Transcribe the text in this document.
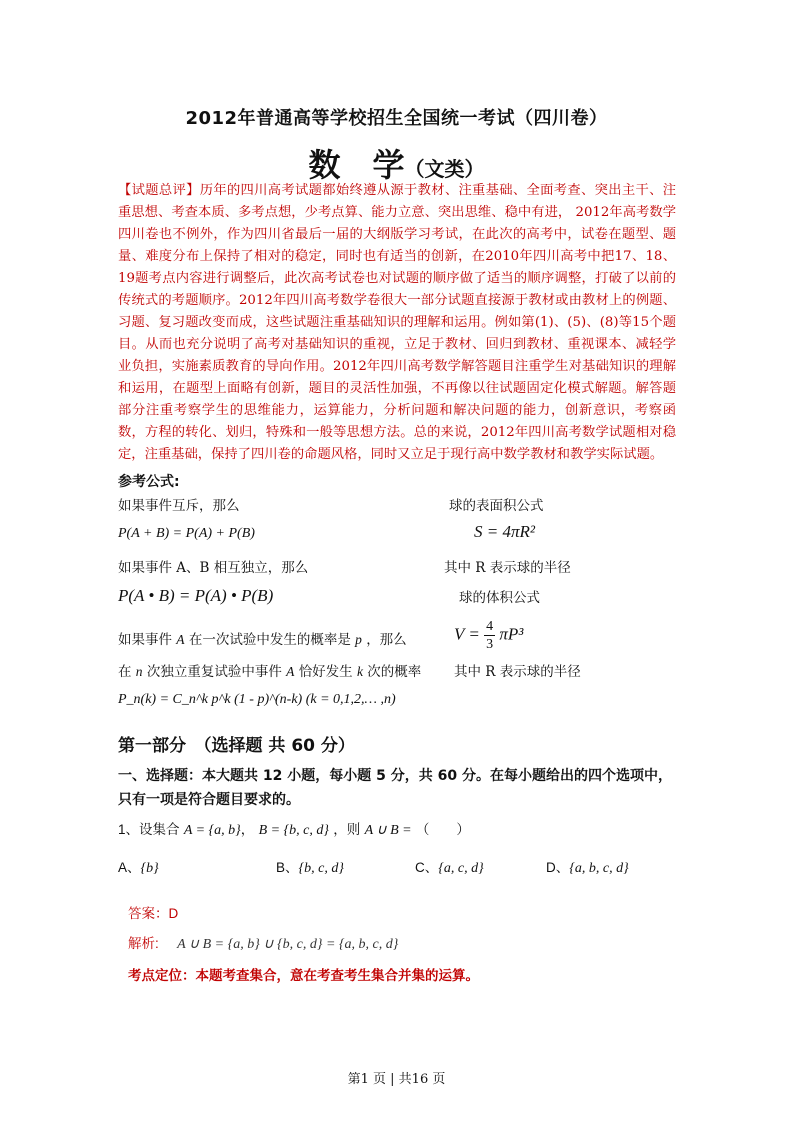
2012年普通高等学校招生全国统一考试（四川卷）
数　学（文类）

【试题总评】历年的四川高考试题都始终遵从源于教材、注重基础、全面考查、突出主干、注重思想、考查本质、多考点想，少考点算、能力立意、突出思维、稳中有进， 2012年高考数学四川卷也不例外，作为四川省最后一届的大纲版学习考试，在此次的高考中，试卷在题型、题量、难度分布上保持了相对的稳定，同时也有适当的创新，在2010年四川高考中把17、18、19题考点内容进行调整后，此次高考试卷也对试题的顺序做了适当的顺序调整，打破了以前的传统式的考题顺序。2012年四川高考数学卷很大一部分试题直接源于教材或由教材上的例题、习题、复习题改变而成，这些试题注重基础知识的理解和运用。例如第(1)、(5)、(8)等15个题目。从而也充分说明了高考对基础知识的重视，立足于教材、回归到教材、重视课本、减轻学业负担，实施素质教育的导向作用。2012年四川高考数学解答题目注重学生对基础知识的理解和运用，在题型上面略有创新，题目的灵活性加强，不再像以往试题固定化模式解题。解答题部分注重考察学生的思维能力，运算能力，分析问题和解决问题的能力，创新意识，考察函数，方程的转化、划归，特殊和一般等思想方法。总的来说，2012年四川高考数学试题相对稳定，注重基础，保持了四川卷的命题风格，同时又立足于现行高中数学教材和教学实际试题。

参考公式:
如果事件互斥，那么
P(A + B) = P(A) + P(B)
如果事件 A、B 相互独立，那么
P(A • B) = P(A) • P(B)
如果事件 A 在一次试验中发生的概率是 p ，那么
在 n 次独立重复试验中事件 A 恰好发生 k 次的概率
P_n(k) = C_n^k p^k (1 - p)^(n-k) (k = 0,1,2,… ,n)
球的表面积公式
S = 4πR²
其中 R 表示球的半径
球的体积公式
$V = \frac{4}{3} \pi P^3$
其中 R 表示球的半径
第一部分　（选择题 共 60 分）

一、选择题：本大题共 12 小题，每小题 5 分，共 60 分。在每小题给出的四个选项中，只有一项是符合题目要求的。

1、设集合 A = {a, b}， B = {b, c, d} ，则 A ∪ B = （　　）
A、{b}	B、{b, c, d}	C、{a, c, d}	D、{a, b, c, d}
答案：D
解析: A ∪ B = {a, b} ∪ {b, c, d} = {a, b, c, d}
考点定位：本题考查集合，意在考查考生集合并集的运算。
第1 页 | 共16 页
